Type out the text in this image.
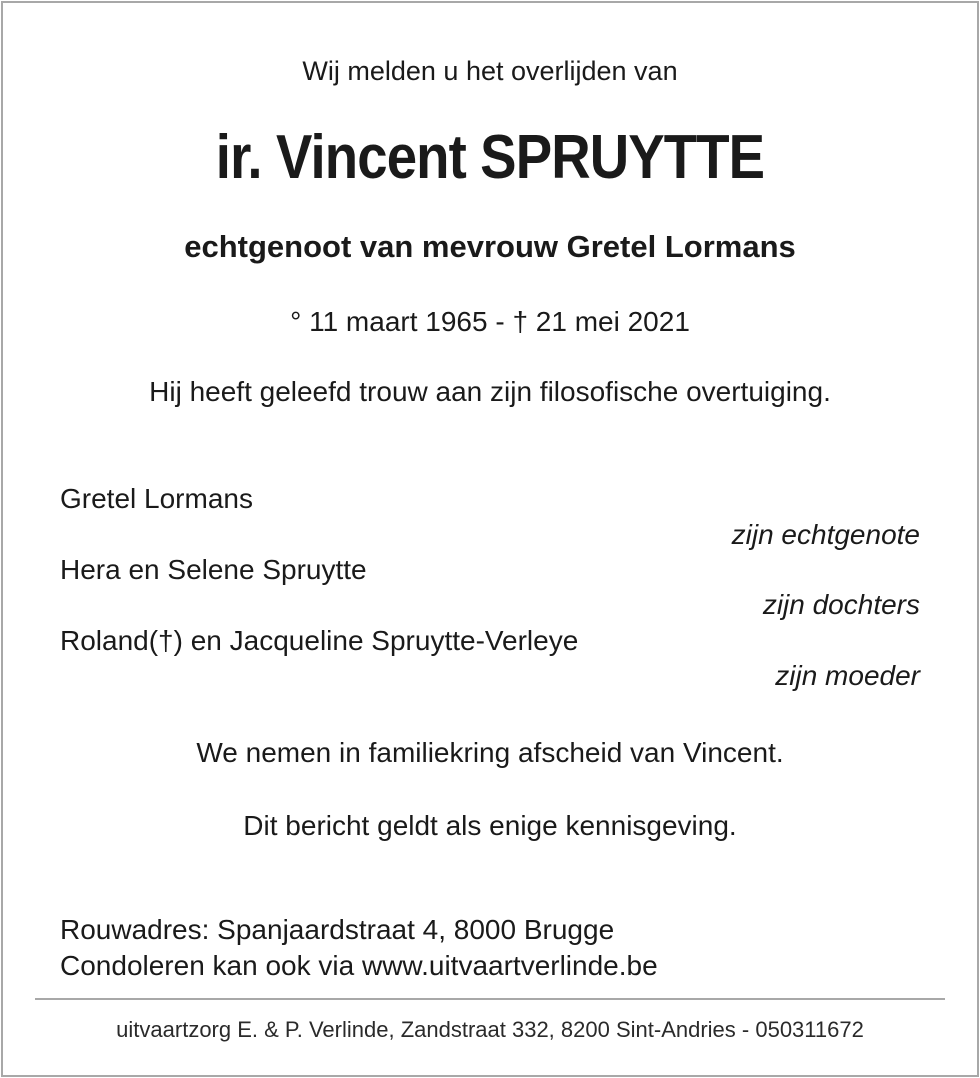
Wij melden u het overlijden van
ir. Vincent SPRUYTTE
echtgenoot van mevrouw Gretel Lormans
° 11 maart 1965 - † 21 mei 2021
Hij heeft geleefd trouw aan zijn filosofische overtuiging.
Gretel Lormans
zijn echtgenote
Hera en Selene Spruytte
zijn dochters
Roland(†) en Jacqueline Spruytte-Verleye
zijn moeder
We nemen in familiekring afscheid van Vincent.
Dit bericht geldt als enige kennisgeving.
Rouwadres: Spanjaardstraat 4, 8000 Brugge
Condoleren kan ook via www.uitvaartverlinde.be
uitvaartzorg E. & P. Verlinde, Zandstraat 332, 8200 Sint-Andries - 050311672
